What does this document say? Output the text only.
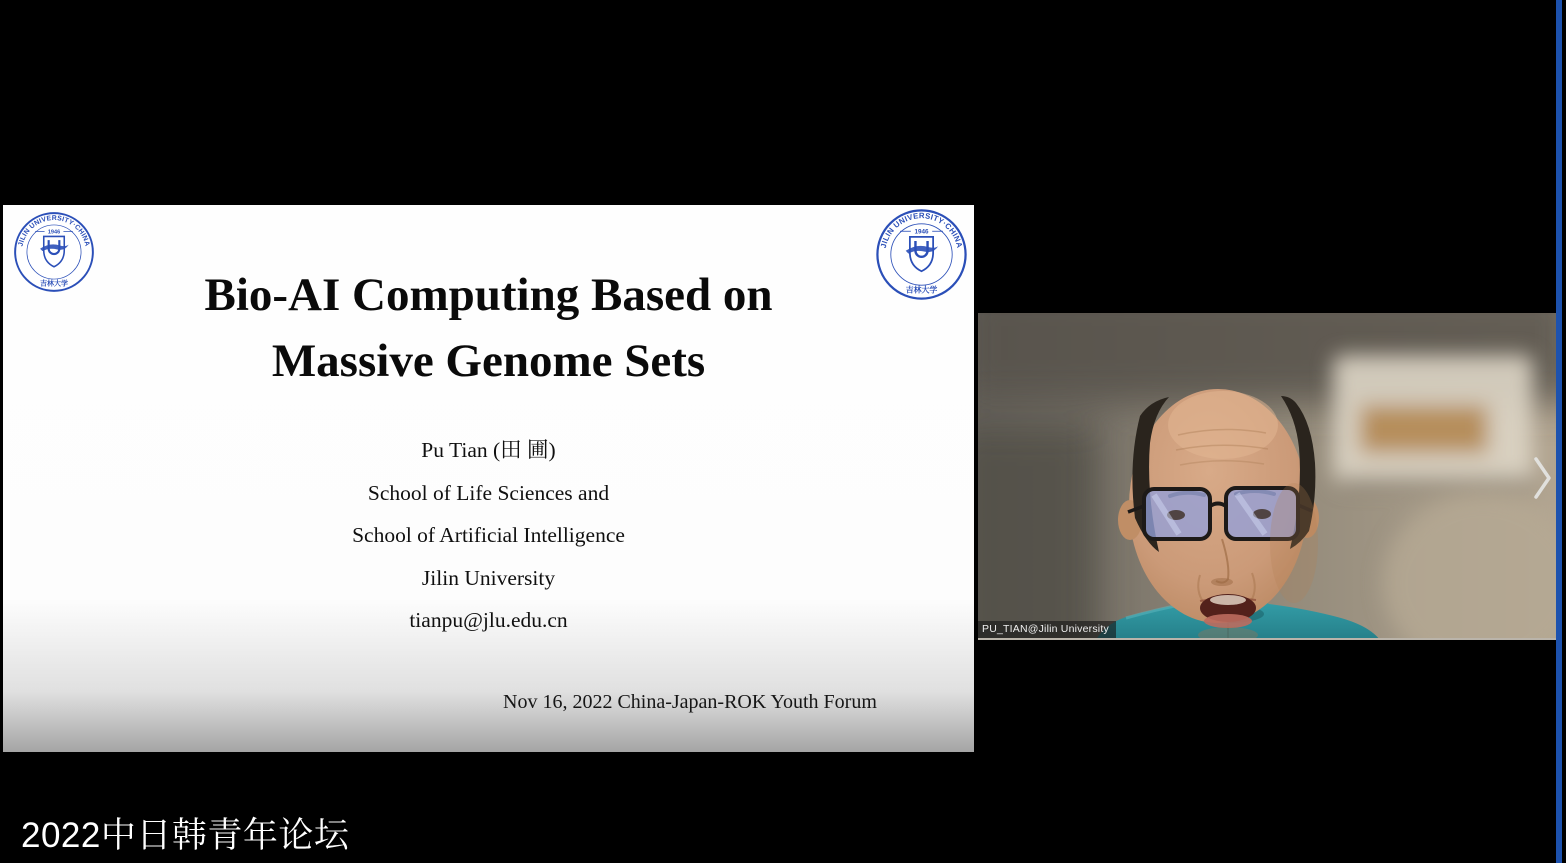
JILIN UNIVERSITY·CHINA
1946
吉林大学
JILIN UNIVERSITY·CHINA
1946
吉林大学
Bio-AI Computing Based on
Massive Genome Sets
Pu Tian (田 圃)
School of Life Sciences and
School of Artificial Intelligence
Jilin University
tianpu@jlu.edu.cn
Nov 16, 2022 China-Japan-ROK Youth Forum
PU_TIAN@Jilin University
2022中日韩青年论坛
